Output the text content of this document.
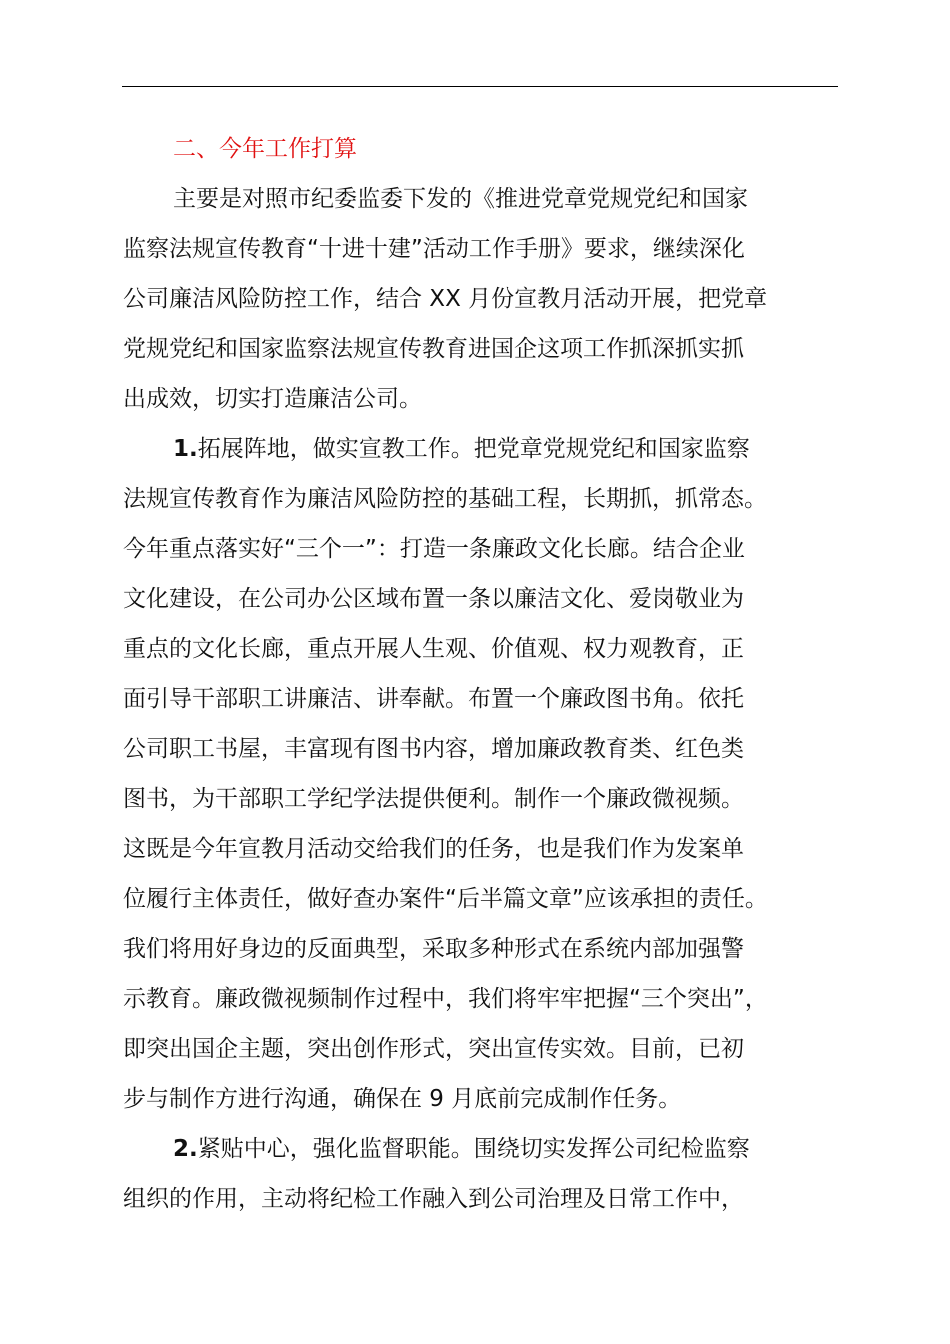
二、今年工作打算
主要是对照市纪委监委下发的《推进党章党规党纪和国家
监察法规宣传教育“十进十建”活动工作手册》要求，继续深化
公司廉洁风险防控工作，结合 XX 月份宣教月活动开展，把党章
党规党纪和国家监察法规宣传教育进国企这项工作抓深抓实抓
出成效，切实打造廉洁公司。
1.拓展阵地，做实宣教工作。把党章党规党纪和国家监察
法规宣传教育作为廉洁风险防控的基础工程，长期抓，抓常态。
今年重点落实好“三个一”：打造一条廉政文化长廊。结合企业
文化建设，在公司办公区域布置一条以廉洁文化、爱岗敬业为
重点的文化长廊，重点开展人生观、价值观、权力观教育，正
面引导干部职工讲廉洁、讲奉献。布置一个廉政图书角。依托
公司职工书屋，丰富现有图书内容，增加廉政教育类、红色类
图书，为干部职工学纪学法提供便利。制作一个廉政微视频。
这既是今年宣教月活动交给我们的任务，也是我们作为发案单
位履行主体责任，做好查办案件“后半篇文章”应该承担的责任。
我们将用好身边的反面典型，采取多种形式在系统内部加强警
示教育。廉政微视频制作过程中，我们将牢牢把握“三个突出”，
即突出国企主题，突出创作形式，突出宣传实效。目前，已初
步与制作方进行沟通，确保在 9 月底前完成制作任务。
2.紧贴中心，强化监督职能。围绕切实发挥公司纪检监察
组织的作用，主动将纪检工作融入到公司治理及日常工作中，
